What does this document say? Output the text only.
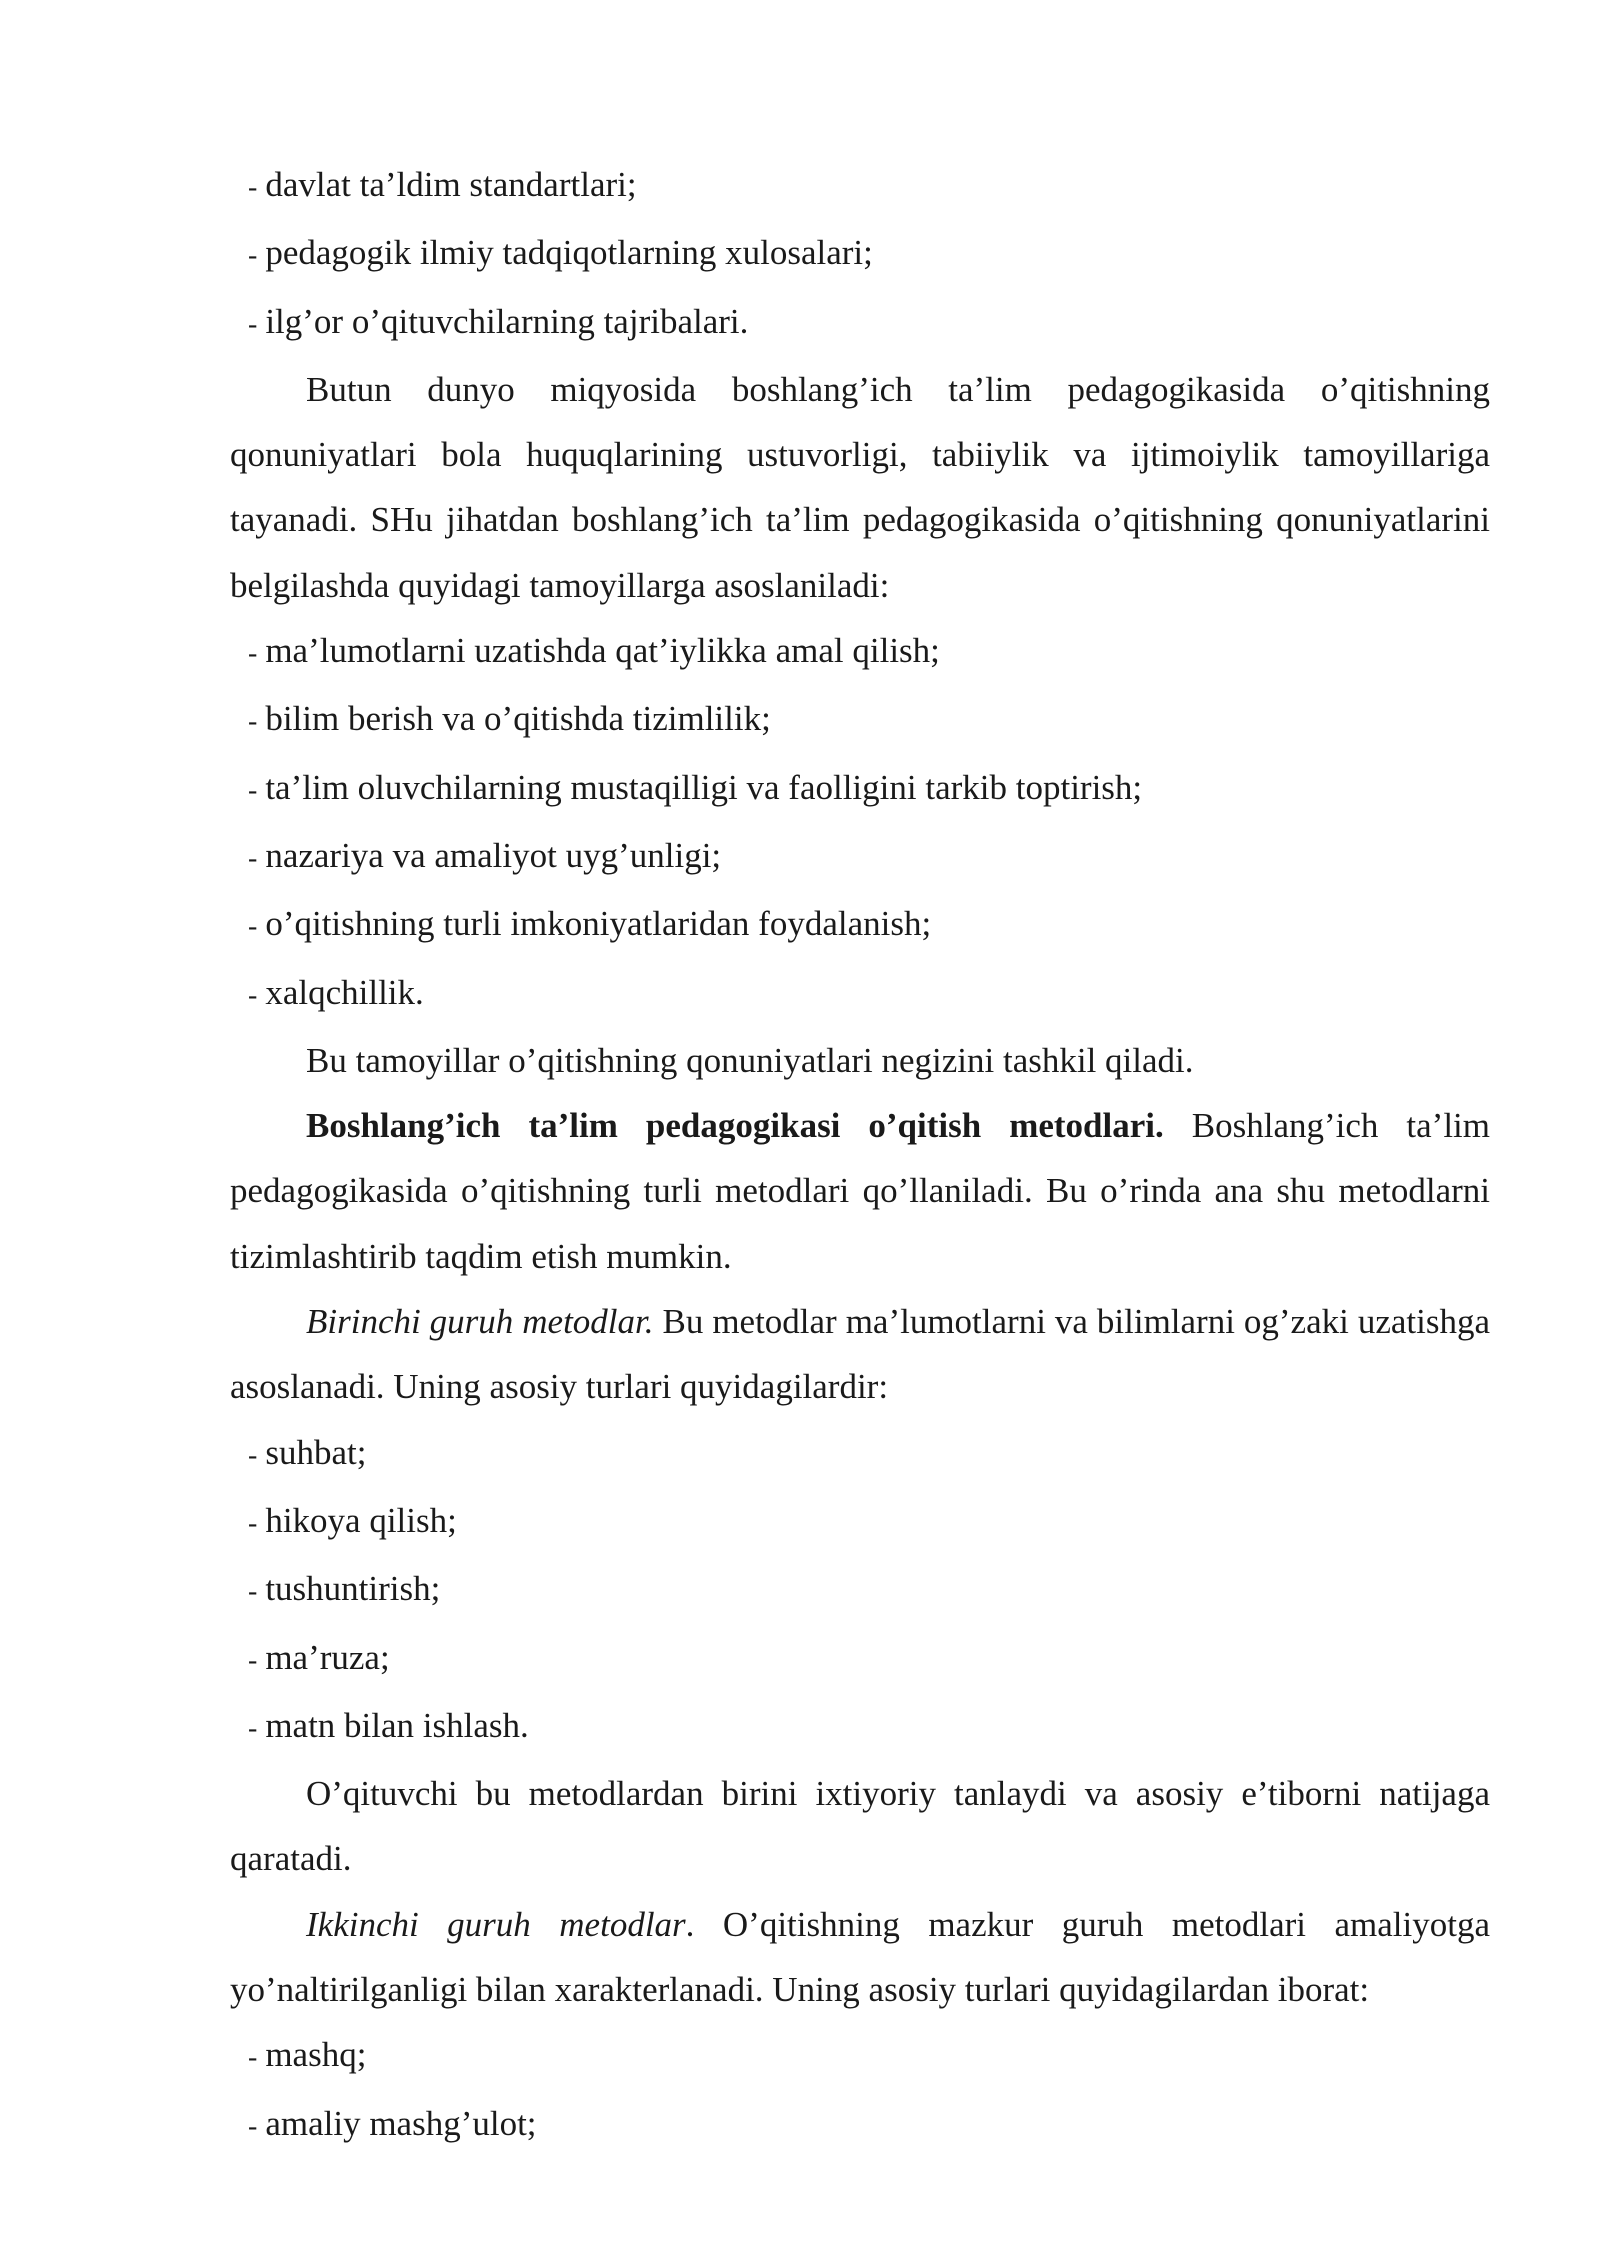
- davlat ta’ldim standartlari;

- pedagogik ilmiy tadqiqotlarning xulosalari;

- ilg’or o’qituvchilarning tajribalari.

Butun dunyo miqyosida boshlang’ich ta’lim pedagogikasida o’qitishning qonuniyatlari bola huquqlarining ustuvorligi, tabiiylik va ijtimoiylik tamoyillariga tayanadi. SHu jihatdan boshlang’ich ta’lim pedagogikasida o’qitishning qonuniyatlarini belgilashda quyidagi tamoyillarga asoslaniladi:

- ma’lumotlarni uzatishda qat’iylikka amal qilish;

- bilim berish va o’qitishda tizimlilik;

- ta’lim oluvchilarning mustaqilligi va faolligini tarkib toptirish;

- nazariya va amaliyot uyg’unligi;

- o’qitishning turli imkoniyatlaridan foydalanish;

- xalqchillik.

Bu tamoyillar o’qitishning qonuniyatlari negizini tashkil qiladi.

Boshlang’ich ta’lim pedagogikasi o’qitish metodlari. Boshlang’ich ta’lim pedagogikasida o’qitishning turli metodlari qo’llaniladi. Bu o’rinda ana shu metodlarni tizimlashtirib taqdim etish mumkin.

Birinchi guruh metodlar. Bu metodlar ma’lumotlarni va bilimlarni og’zaki uzatishga asoslanadi. Uning asosiy turlari quyidagilardir:

- suhbat;

- hikoya qilish;

- tushuntirish;

- ma’ruza;

- matn bilan ishlash.

O’qituvchi bu metodlardan birini ixtiyoriy tanlaydi va asosiy e’tiborni natijaga qaratadi.

Ikkinchi guruh metodlar. O’qitishning mazkur guruh metodlari amaliyotga yo’naltirilganligi bilan xarakterlanadi. Uning asosiy turlari quyidagilardan iborat:

- mashq;

- amaliy mashg’ulot;
